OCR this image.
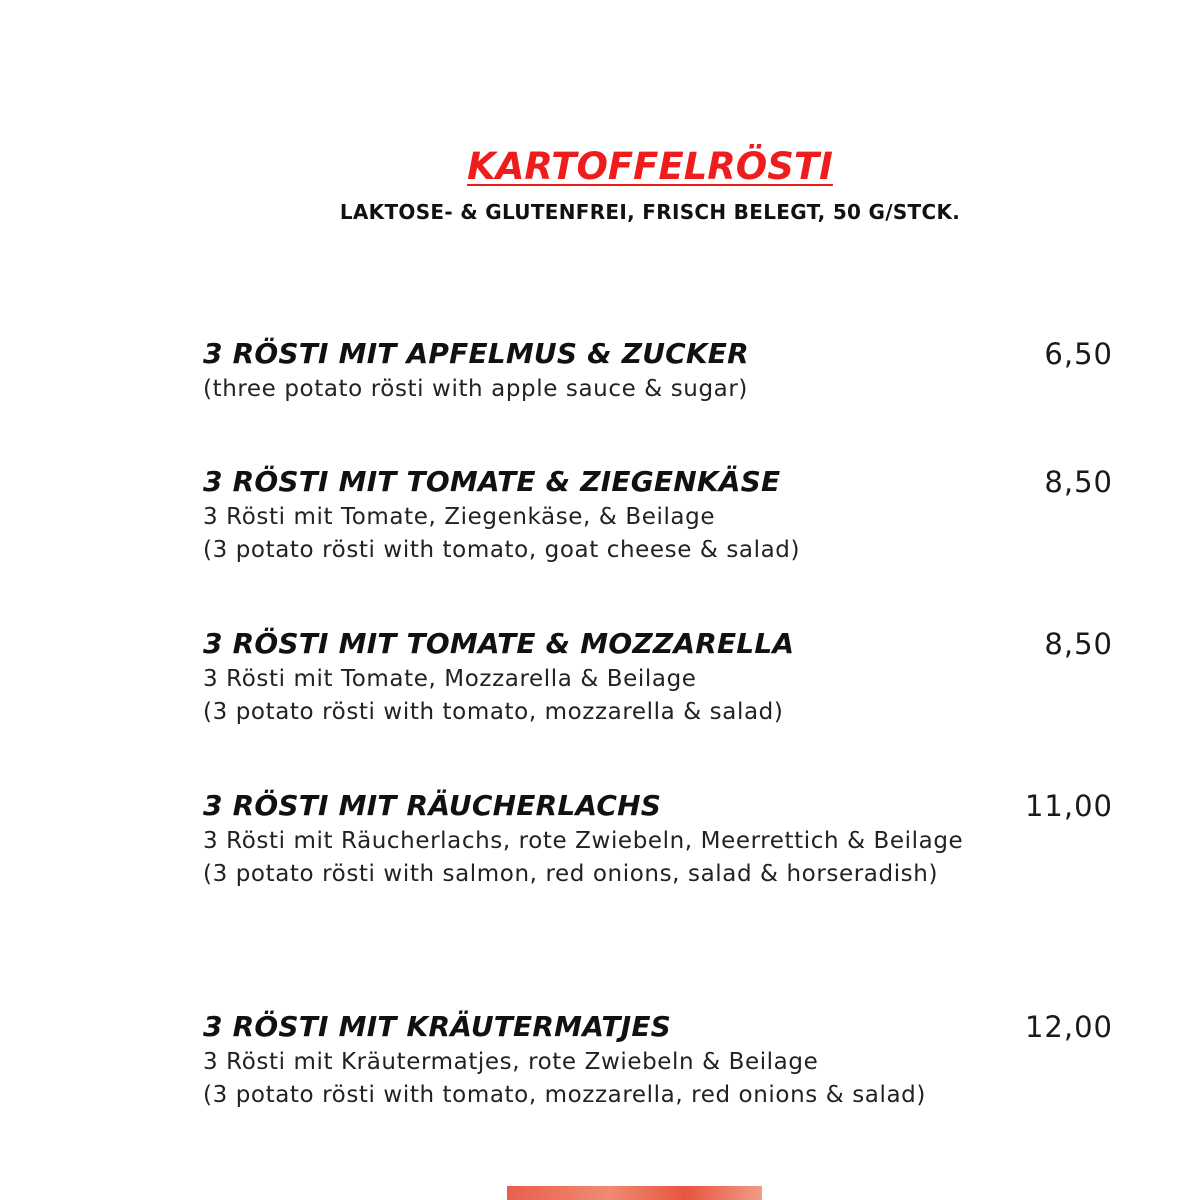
KARTOFFELRÖSTI

LAKTOSE- & GLUTENFREI, FRISCH BELEGT, 50 G/STCK.

3 RÖSTI MIT APFELMUS & ZUCKER	6,50

(three potato rösti with apple sauce & sugar)

3 RÖSTI MIT TOMATE & ZIEGENKÄSE	8,50

3 Rösti mit Tomate, Ziegenkäse, & Beilage

(3 potato rösti with tomato, goat cheese & salad)

3 RÖSTI MIT TOMATE & MOZZARELLA	8,50

3 Rösti mit Tomate, Mozzarella & Beilage

(3 potato rösti with tomato, mozzarella & salad)

3 RÖSTI MIT RÄUCHERLACHS	11,00

3 Rösti mit Räucherlachs, rote Zwiebeln, Meerrettich & Beilage

(3 potato rösti with salmon, red onions, salad & horseradish)

3 RÖSTI MIT KRÄUTERMATJES	12,00

3 Rösti mit Kräutermatjes, rote Zwiebeln & Beilage

(3 potato rösti with tomato, mozzarella, red onions & salad)
